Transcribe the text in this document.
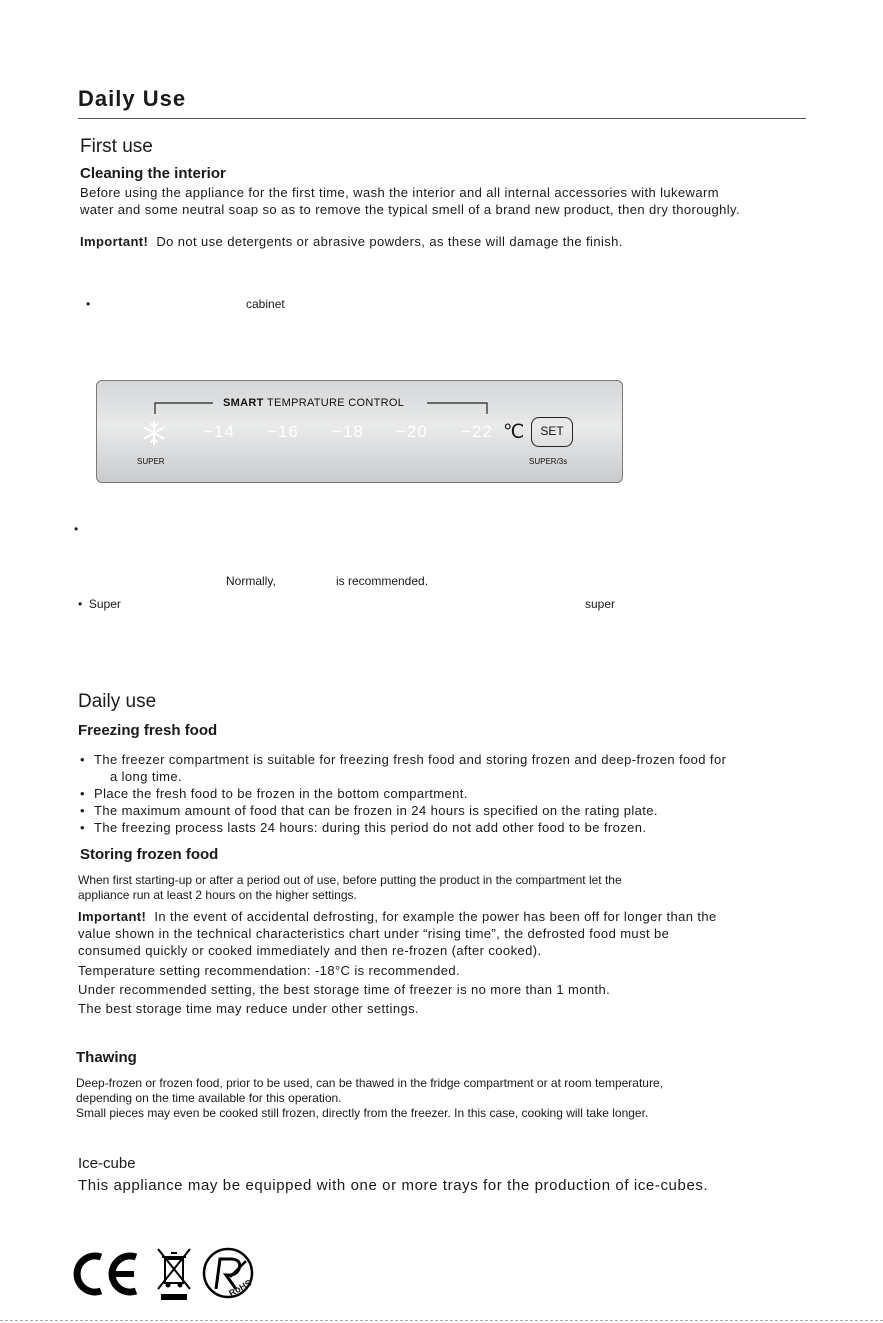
Daily Use
First use
Cleaning the interior
Before using the appliance for the first time, wash the interior and all internal accessories with lukewarm
water and some neutral soap so as to remove the typical smell of a brand new product, then dry thoroughly.
Important! Do not use detergents or abrasive powders, as these will damage the finish.
•	cabinet
SMART TEMPRATURE CONTROL
−14 −16 −18 −20 −22 ℃	SET
SUPER	SUPER/3s
•
Normally,	is recommended.
•  Super	super
Daily use
Freezing fresh food
• The freezer compartment is suitable for freezing fresh food and storing frozen and deep-frozen food for
a long time.
• Place the fresh food to be frozen in the bottom compartment.
• The maximum amount of food that can be frozen in 24 hours is specified on the rating plate.
• The freezing process lasts 24 hours: during this period do not add other food to be frozen.
Storing frozen food
When first starting-up or after a period out of use, before putting the product in the compartment let the
appliance run at least 2 hours on the higher settings.
Important! In the event of accidental defrosting, for example the power has been off for longer than the
value shown in the technical characteristics chart under “rising time”, the defrosted food must be
consumed quickly or cooked immediately and then re-frozen (after cooked).
Temperature setting recommendation: -18°C is recommended.
Under recommended setting, the best storage time of freezer is no more than 1 month.
The best storage time may reduce under other settings.
Thawing
Deep-frozen or frozen food, prior to be used, can be thawed in the fridge compartment or at room temperature,
depending on the time available for this operation.
Small pieces may even be cooked still frozen, directly from the freezer. In this case, cooking will take longer.
Ice-cube
This appliance may be equipped with one or more trays for the production of ice-cubes.
RoHS
